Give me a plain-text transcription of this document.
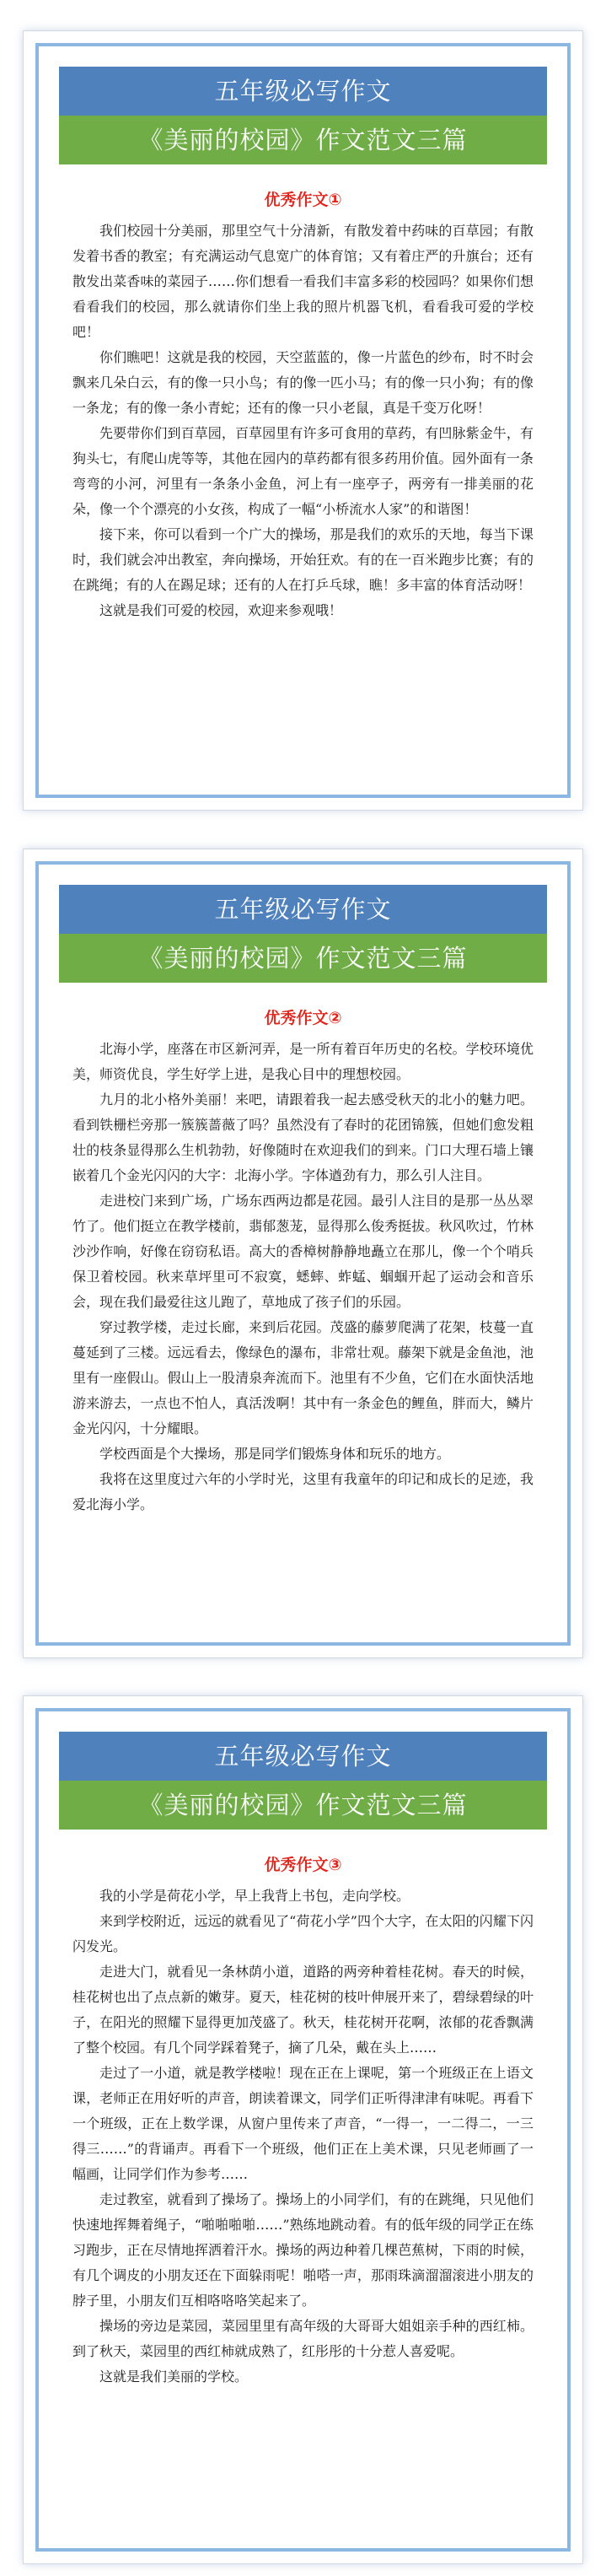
五年级必写作文
《美丽的校园》作文范文三篇
优秀作文①

我们校园十分美丽，那里空气十分清新，有散发着中药味的百草园；有散发着书香的教室；有充满运动气息宽广的体育馆；又有着庄严的升旗台；还有散发出菜香味的菜园子……你们想看一看我们丰富多彩的校园吗？如果你们想看看我们的校园，那么就请你们坐上我的照片机器飞机，看看我可爱的学校吧！

你们瞧吧！这就是我的校园，天空蓝蓝的，像一片蓝色的纱布，时不时会飘来几朵白云，有的像一只小鸟；有的像一匹小马；有的像一只小狗；有的像一条龙；有的像一条小青蛇；还有的像一只小老鼠，真是千变万化呀！

先要带你们到百草园，百草园里有许多可食用的草药，有凹脉紫金牛，有狗头七，有爬山虎等等，其他在园内的草药都有很多药用价值。园外面有一条弯弯的小河，河里有一条条小金鱼，河上有一座亭子，两旁有一排美丽的花朵，像一个个漂亮的小女孩，构成了一幅“小桥流水人家”的和谐图！

接下来，你可以看到一个广大的操场，那是我们的欢乐的天地，每当下课时，我们就会冲出教室，奔向操场，开始狂欢。有的在一百米跑步比赛；有的在跳绳；有的人在踢足球；还有的人在打乒乓球，瞧！多丰富的体育活动呀！

这就是我们可爱的校园，欢迎来参观哦！

五年级必写作文
《美丽的校园》作文范文三篇
优秀作文②

北海小学，座落在市区新河弄，是一所有着百年历史的名校。学校环境优美，师资优良，学生好学上进，是我心目中的理想校园。

九月的北小格外美丽！来吧，请跟着我一起去感受秋天的北小的魅力吧。看到铁栅栏旁那一簇簇蔷薇了吗？虽然没有了春时的花团锦簇，但她们愈发粗壮的枝条显得那么生机勃勃，好像随时在欢迎我们的到来。门口大理石墙上镶嵌着几个金光闪闪的大字：北海小学。字体遒劲有力，那么引人注目。

走进校门来到广场，广场东西两边都是花园。最引人注目的是那一丛丛翠竹了。他们挺立在教学楼前，翡郁葱茏，显得那么俊秀挺拔。秋风吹过，竹林沙沙作响，好像在窃窃私语。高大的香樟树静静地矗立在那儿，像一个个哨兵保卫着校园。秋来草坪里可不寂寞，蟋蟀、蚱蜢、蝈蝈开起了运动会和音乐会，现在我们最爱往这儿跑了，草地成了孩子们的乐园。

穿过教学楼，走过长廊，来到后花园。茂盛的藤萝爬满了花架，枝蔓一直蔓延到了三楼。远远看去，像绿色的瀑布，非常壮观。藤架下就是金鱼池，池里有一座假山。假山上一股清泉奔流而下。池里有不少鱼，它们在水面快活地游来游去，一点也不怕人，真活泼啊！其中有一条金色的鲤鱼，胖而大，鳞片金光闪闪，十分耀眼。

学校西面是个大操场，那是同学们锻炼身体和玩乐的地方。

我将在这里度过六年的小学时光，这里有我童年的印记和成长的足迹，我爱北海小学。

五年级必写作文
《美丽的校园》作文范文三篇
优秀作文③

我的小学是荷花小学，早上我背上书包，走向学校。

来到学校附近，远远的就看见了“荷花小学”四个大字，在太阳的闪耀下闪闪发光。

走进大门，就看见一条林荫小道，道路的两旁种着桂花树。春天的时候，桂花树也出了点点新的嫩芽。夏天，桂花树的枝叶伸展开来了，碧绿碧绿的叶子，在阳光的照耀下显得更加茂盛了。秋天，桂花树开花啊，浓郁的花香飘满了整个校园。有几个同学踩着凳子，摘了几朵，戴在头上……

走过了一小道，就是教学楼啦！现在正在上课呢，第一个班级正在上语文课，老师正在用好听的声音，朗读着课文，同学们正听得津津有味呢。再看下一个班级，正在上数学课，从窗户里传来了声音，“一得一，一二得二，一三得三……”的背诵声。再看下一个班级，他们正在上美术课，只见老师画了一幅画，让同学们作为参考……

走过教室，就看到了操场了。操场上的小同学们，有的在跳绳，只见他们快速地挥舞着绳子，“啪啪啪啪……”熟练地跳动着。有的低年级的同学正在练习跑步，正在尽情地挥洒着汗水。操场的两边种着几棵芭蕉树，下雨的时候，有几个调皮的小朋友还在下面躲雨呢！啪嗒一声，那雨珠滴溜溜滚进小朋友的脖子里，小朋友们互相咯咯咯笑起来了。

操场的旁边是菜园，菜园里里有高年级的大哥哥大姐姐亲手种的西红柿。到了秋天，菜园里的西红柿就成熟了，红彤彤的十分惹人喜爱呢。

这就是我们美丽的学校。
